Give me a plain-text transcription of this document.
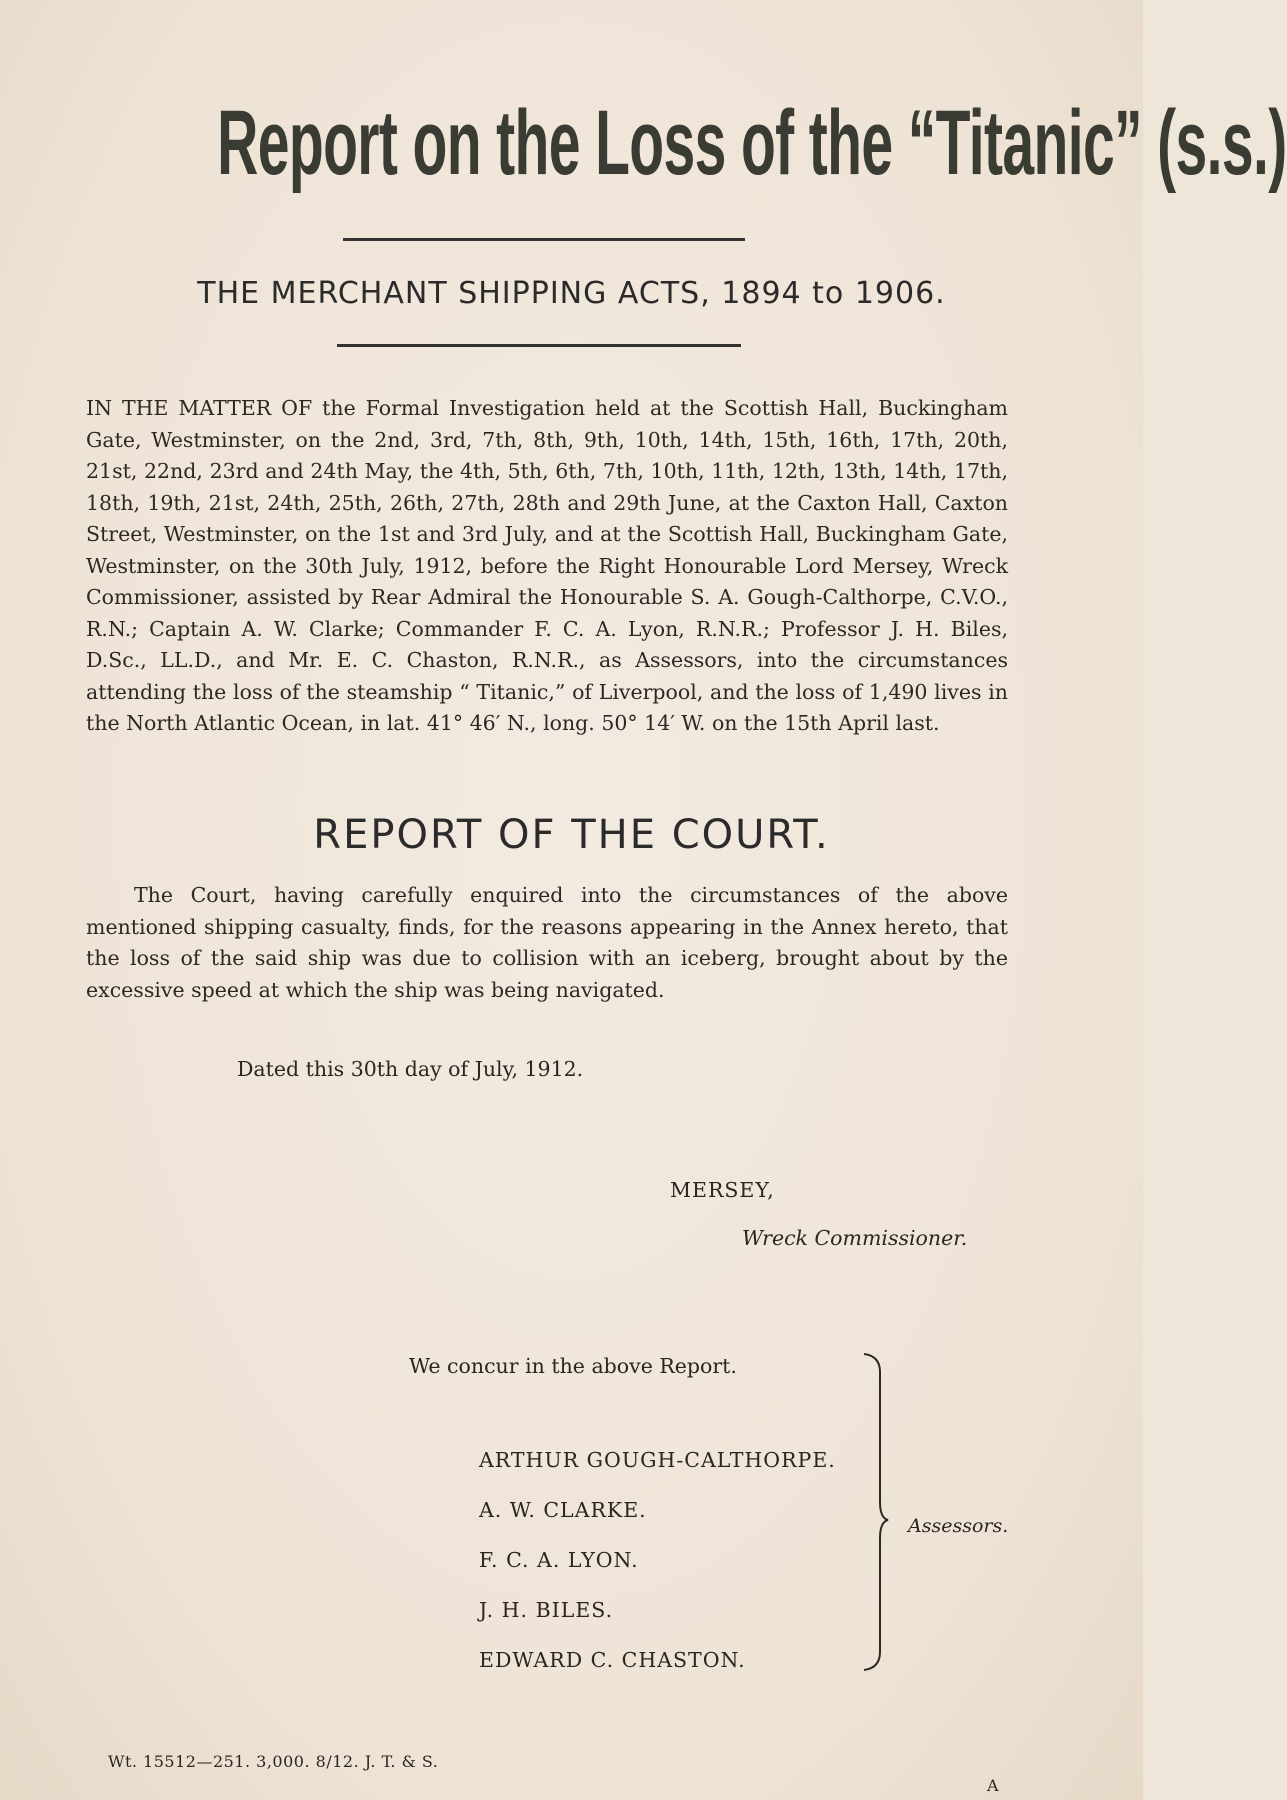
Report on the Loss of the “Titanic” (s.s.)
THE MERCHANT SHIPPING ACTS, 1894 to 1906.
IN THE MATTER OF the Formal Investigation held at the Scottish Hall, Buckingham Gate, Westminster, on the 2nd, 3rd, 7th, 8th, 9th, 10th, 14th, 15th, 16th, 17th, 20th, 21st, 22nd, 23rd and 24th May, the 4th, 5th, 6th, 7th, 10th, 11th, 12th, 13th, 14th, 17th, 18th, 19th, 21st, 24th, 25th, 26th, 27th, 28th and 29th June, at the Caxton Hall, Caxton Street, Westminster, on the 1st and 3rd July, and at the Scottish Hall, Buckingham Gate, Westminster, on the 30th July, 1912, before the Right Honourable Lord Mersey, Wreck Commissioner, assisted by Rear Admiral the Honourable S. A. Gough-Calthorpe, C.V.O., R.N.; Captain A. W. Clarke; Commander F. C. A. Lyon, R.N.R.; Professor J. H. Biles, D.Sc., LL.D., and Mr. E. C. Chaston, R.N.R., as Assessors, into the circumstances attending the loss of the steamship “ Titanic,” of Liverpool, and the loss of 1,490 lives in the North Atlantic Ocean, in lat. 41° 46′ N., long. 50° 14′ W. on the 15th April last.
REPORT OF THE COURT.
The Court, having carefully enquired into the circumstances of the above mentioned shipping casualty, finds, for the reasons appearing in the Annex hereto, that the loss of the said ship was due to collision with an iceberg, brought about by the excessive speed at which the ship was being navigated.
Dated this 30th day of July, 1912.
MERSEY,
Wreck Commissioner.
We concur in the above Report.
ARTHUR GOUGH-CALTHORPE.
A. W. CLARKE.
F. C. A. LYON.
J. H. BILES.
EDWARD C. CHASTON.
Assessors.
Wt. 15512—251. 3,000. 8/12. J. T. & S.
A
